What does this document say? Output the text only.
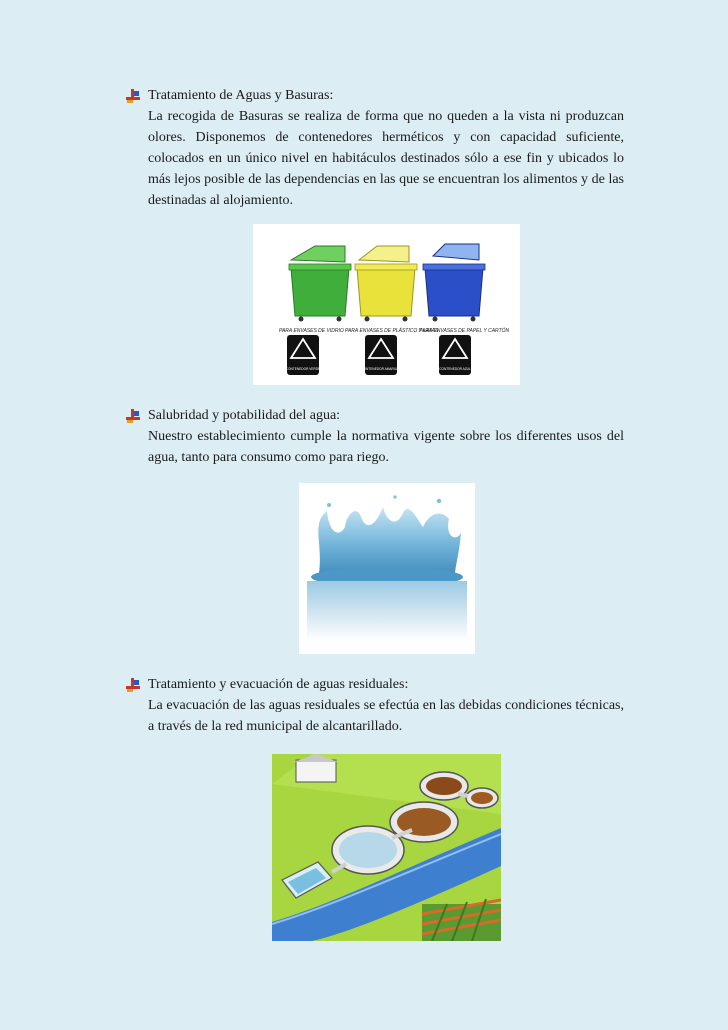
Tratamiento de Aguas y Basuras:
La recogida de Basuras se realiza de forma que no queden a la vista ni produzcan olores. Disponemos de contenedores herméticos y con capacidad suficiente, colocados en un único nivel en habitáculos destinados sólo a ese fin y ubicados lo más lejos posible de las dependencias en las que se encuentran los alimentos y de las destinadas al alojamiento.
PARA ENVASES DE VIDRIO PARA ENVASES DE PLÁSTICO Y LATAS
PARA ENVASES DE PAPEL Y CARTÓN
CONTENEDOR VERDE	CONTENEDOR AMARILLO	CONTENEDOR AZUL
Salubridad y potabilidad del agua:
Nuestro establecimiento cumple la normativa vigente sobre los diferentes usos del agua, tanto para consumo como para riego.
Tratamiento y evacuación de aguas residuales:
La evacuación de las aguas residuales se efectúa en las debidas condiciones técnicas, a través de la red municipal de alcantarillado.
